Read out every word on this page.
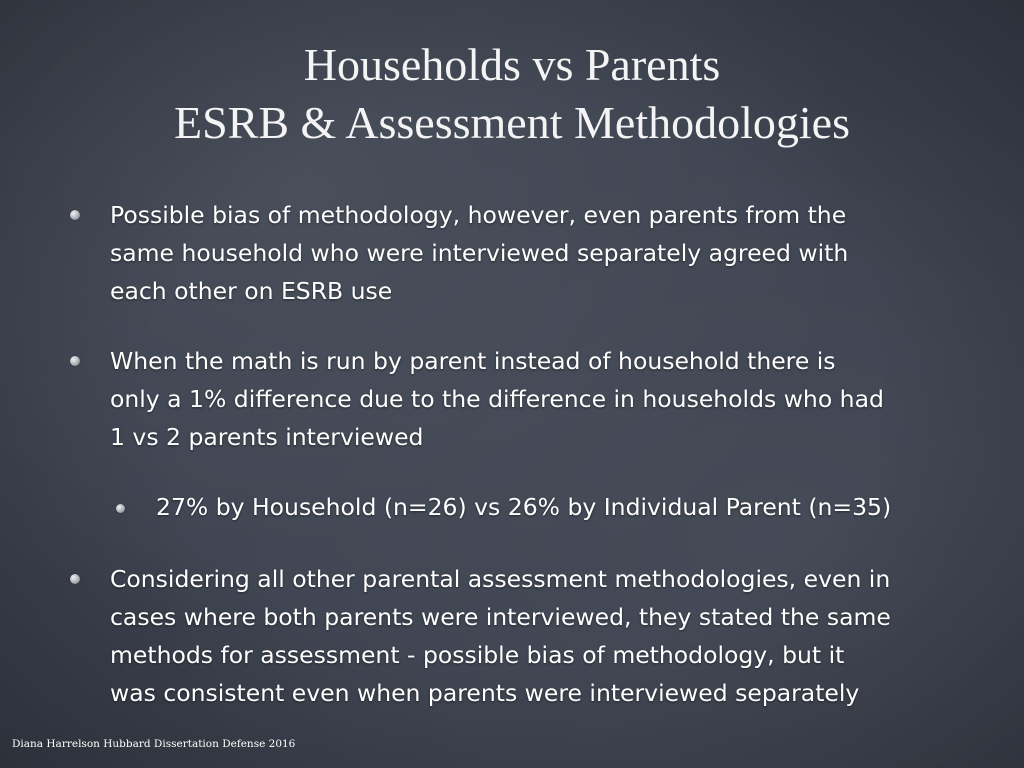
Households vs Parents
ESRB & Assessment Methodologies
Possible bias of methodology, however, even parents from the
same household who were interviewed separately agreed with
each other on ESRB use
When the math is run by parent instead of household there is
only a 1% difference due to the difference in households who had
1 vs 2 parents interviewed
27% by Household (n=26) vs 26% by Individual Parent (n=35)
Considering all other parental assessment methodologies, even in
cases where both parents were interviewed, they stated the same
methods for assessment - possible bias of methodology, but it
was consistent even when parents were interviewed separately
Diana Harrelson Hubbard Dissertation Defense 2016
